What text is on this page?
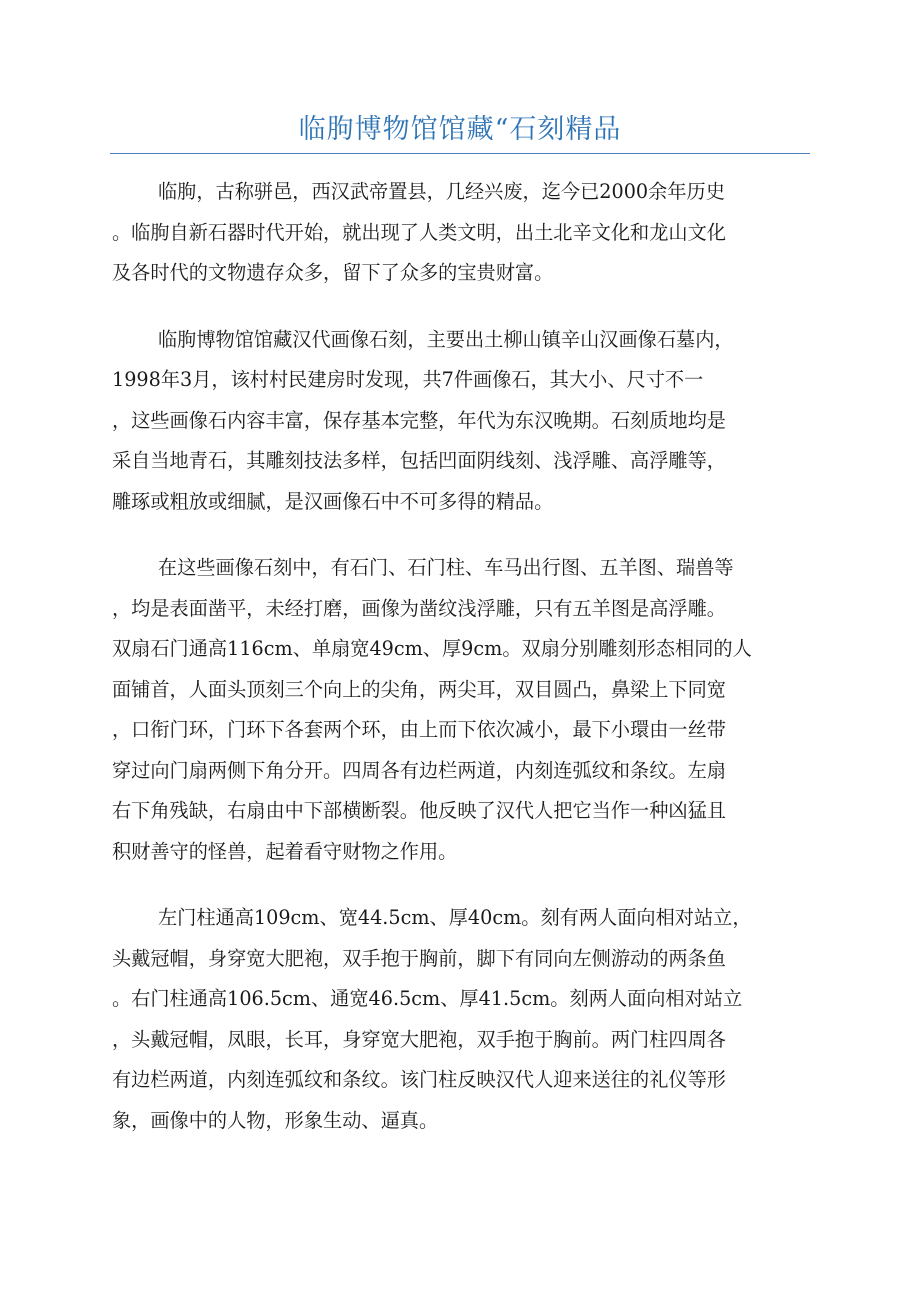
临朐博物馆馆藏“石刻精品
临朐，古称骈邑，西汉武帝置县，几经兴废，迄今已2000余年历史
。临朐自新石器时代开始，就出现了人类文明，出土北辛文化和龙山文化
及各时代的文物遗存众多，留下了众多的宝贵财富。
临朐博物馆馆藏汉代画像石刻，主要出土柳山镇辛山汉画像石墓内，
1998年3月，该村村民建房时发现，共7件画像石，其大小、尺寸不一
，这些画像石内容丰富，保存基本完整，年代为东汉晚期。石刻质地均是
采自当地青石，其雕刻技法多样，包括凹面阴线刻、浅浮雕、高浮雕等，
雕琢或粗放或细腻，是汉画像石中不可多得的精品。
在这些画像石刻中，有石门、石门柱、车马出行图、五羊图、瑞兽等
，均是表面凿平，未经打磨，画像为凿纹浅浮雕，只有五羊图是高浮雕。
双扇石门通高116cm、单扇宽49cm、厚9cm。双扇分别雕刻形态相同的人
面铺首，人面头顶刻三个向上的尖角，两尖耳，双目圆凸，鼻梁上下同宽
，口衔门环，门环下各套两个环，由上而下依次减小，最下小環由一丝带
穿过向门扇两侧下角分开。四周各有边栏两道，内刻连弧纹和条纹。左扇
右下角残缺，右扇由中下部横断裂。他反映了汉代人把它当作一种凶猛且
积财善守的怪兽，起着看守财物之作用。
左门柱通高109cm、宽44.5cm、厚40cm。刻有两人面向相对站立，
头戴冠帽，身穿宽大肥袍，双手抱于胸前，脚下有同向左侧游动的两条鱼
。右门柱通高106.5cm、通宽46.5cm、厚41.5cm。刻两人面向相对站立
，头戴冠帽，凤眼，长耳，身穿宽大肥袍，双手抱于胸前。两门柱四周各
有边栏两道，内刻连弧纹和条纹。该门柱反映汉代人迎来送往的礼仪等形
象，画像中的人物，形象生动、逼真。
